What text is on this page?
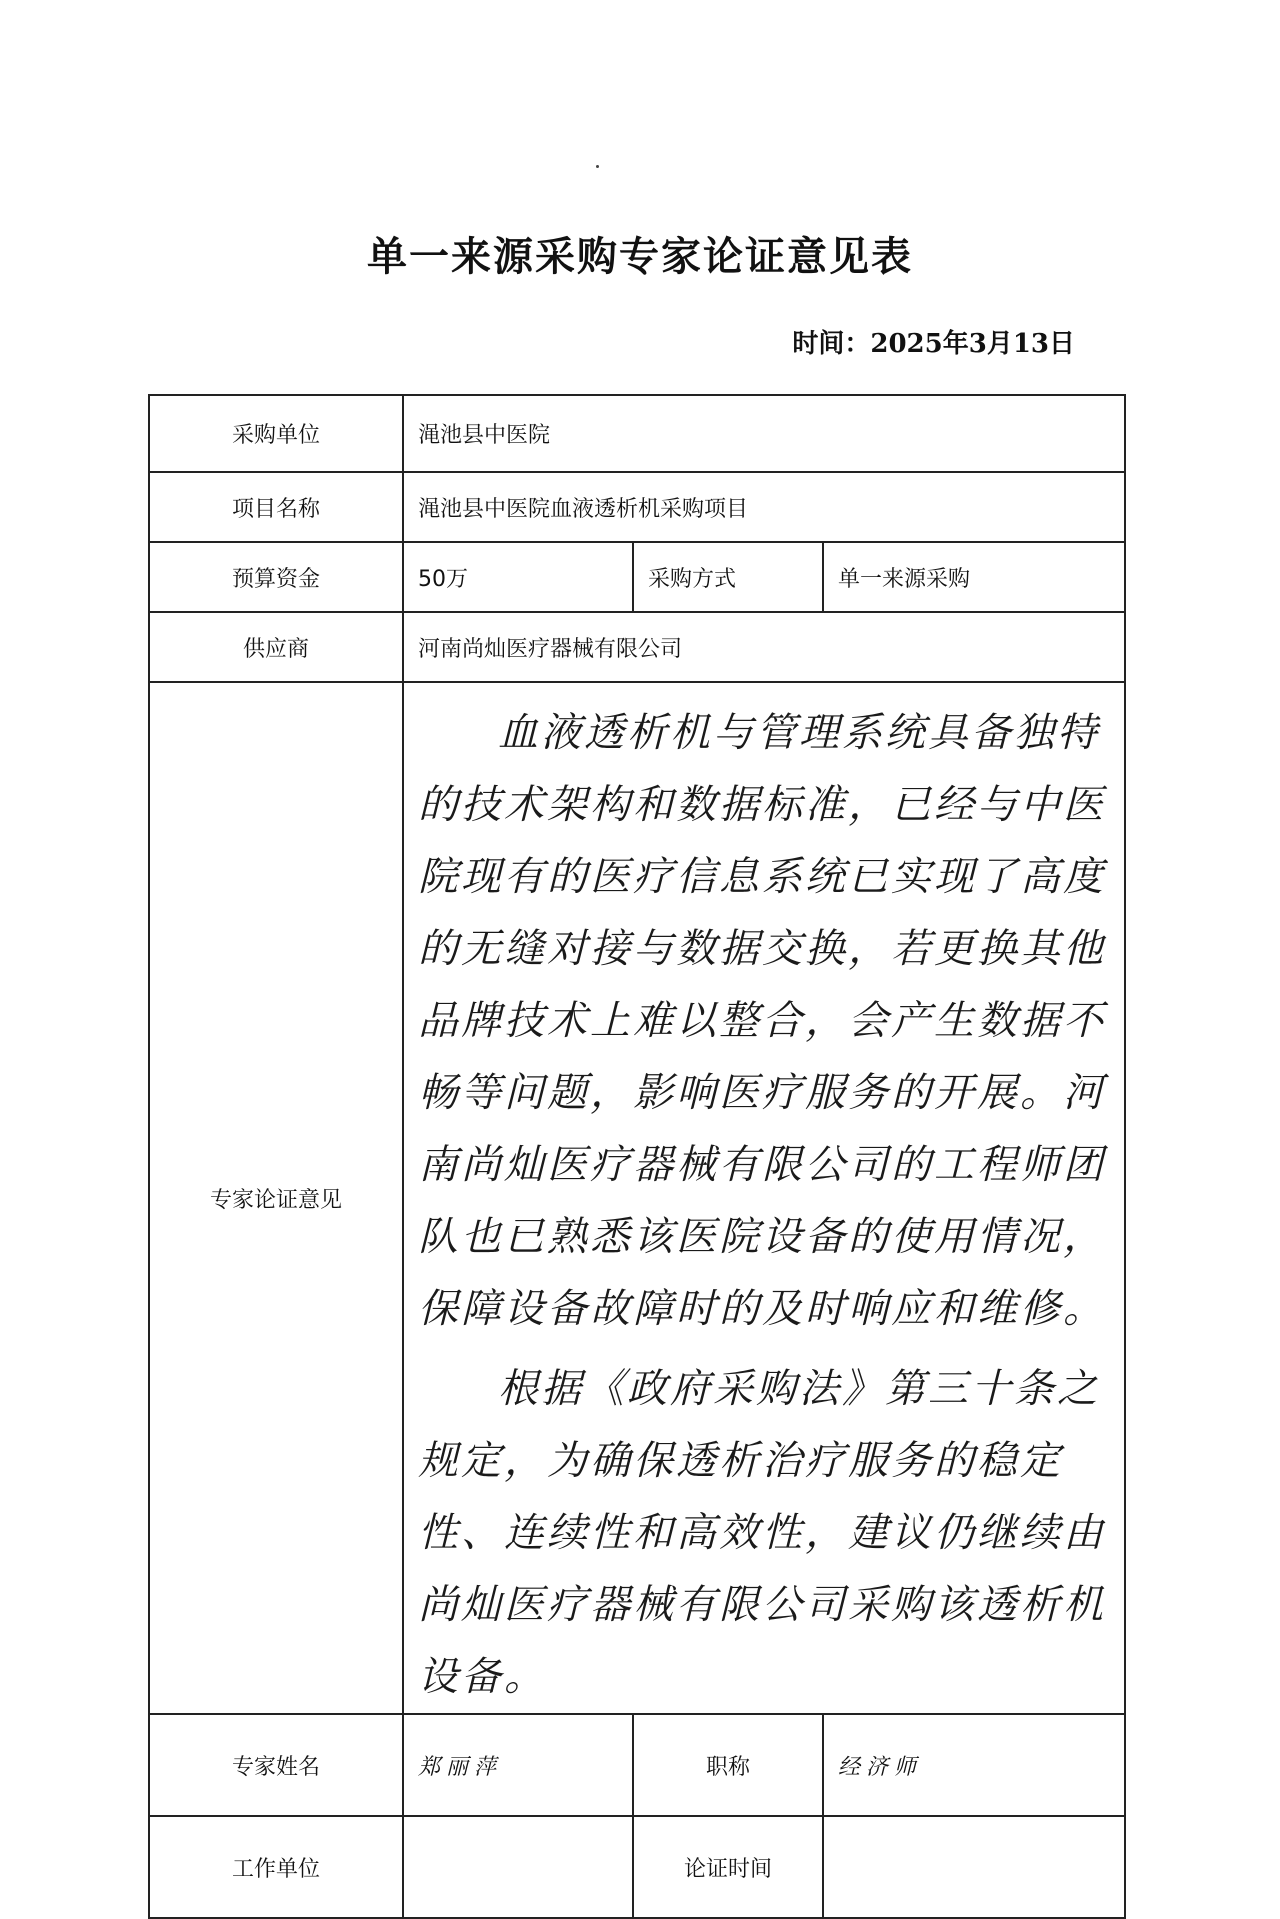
单一来源采购专家论证意见表
时间：2025年3月13日
采购单位	渑池县中医院		
项目名称	渑池县中医院血液透析机采购项目		
预算资金	50万	采购方式	单一来源采购
供应商	河南尚灿医疗器械有限公司		
专家论证意见	血液透析机与管理系统具备独特的技术架构和数据标准，已经与中医院现有的医疗信息系统已实现了高度的无缝对接与数据交换，若更换其他品牌技术上难以整合，会产生数据不畅等问题，影响医疗服务的开展。河南尚灿医疗器械有限公司的工程师团队也已熟悉该医院设备的使用情况，保障设备故障时的及时响应和维修。

根据《政府采购法》第三十条之规定，为确保透析治疗服务的稳定性、连续性和高效性，建议仍继续由尚灿医疗器械有限公司采购该透析机设备。		

专家姓名	郑丽萍	职称	经济师
工作单位		论证时间	
